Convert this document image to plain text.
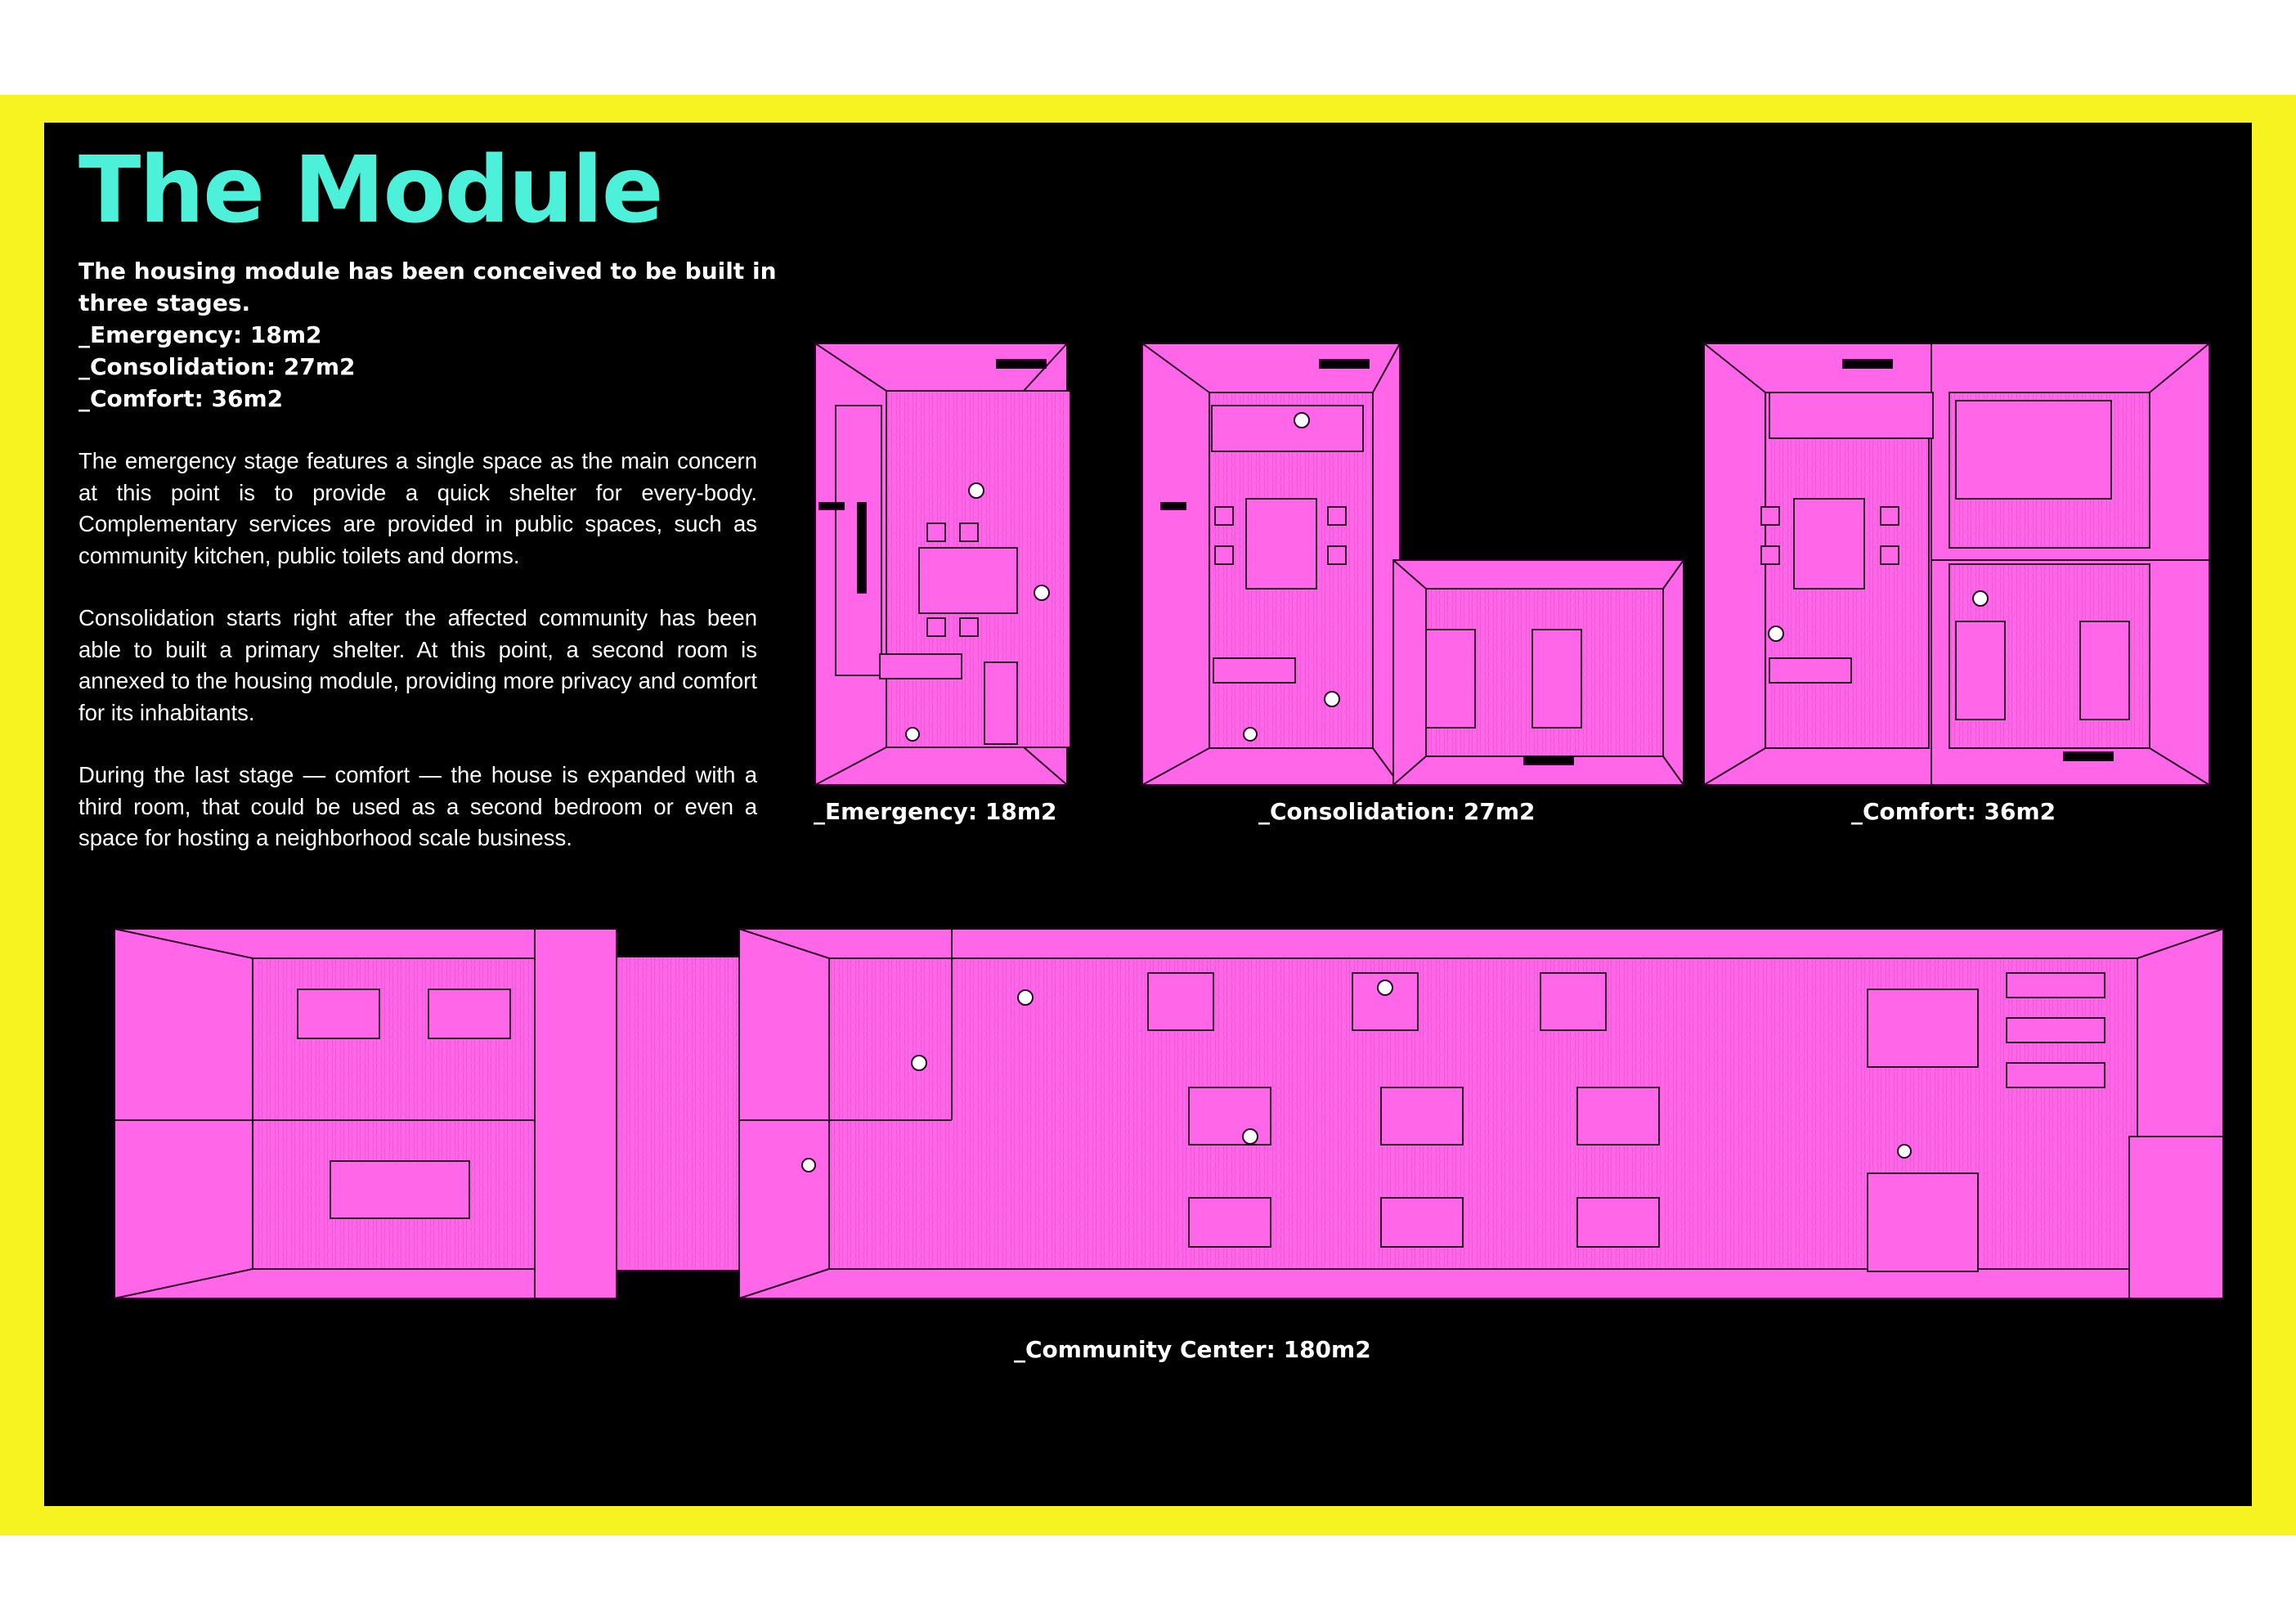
The Module
The housing module has been conceived to be built in
three stages.
_Emergency: 18m2
_Consolidation: 27m2
_Comfort: 36m2

The emergency stage features a single space as the main concern at this point is to provide a quick shelter for every-body. Complementary services are provided in public spaces, such as community kitchen, public toilets and dorms.

Consolidation starts right after the affected community has been able to built a primary shelter. At this point, a second room is annexed to the housing module, providing more privacy and comfort for its inhabitants.

During the last stage — comfort — the house is expanded with a third room, that could be used as a second bedroom or even a space for hosting a neighborhood scale business.

_Emergency: 18m2	_Consolidation: 27m2	_Comfort: 36m2
_Community Center: 180m2
